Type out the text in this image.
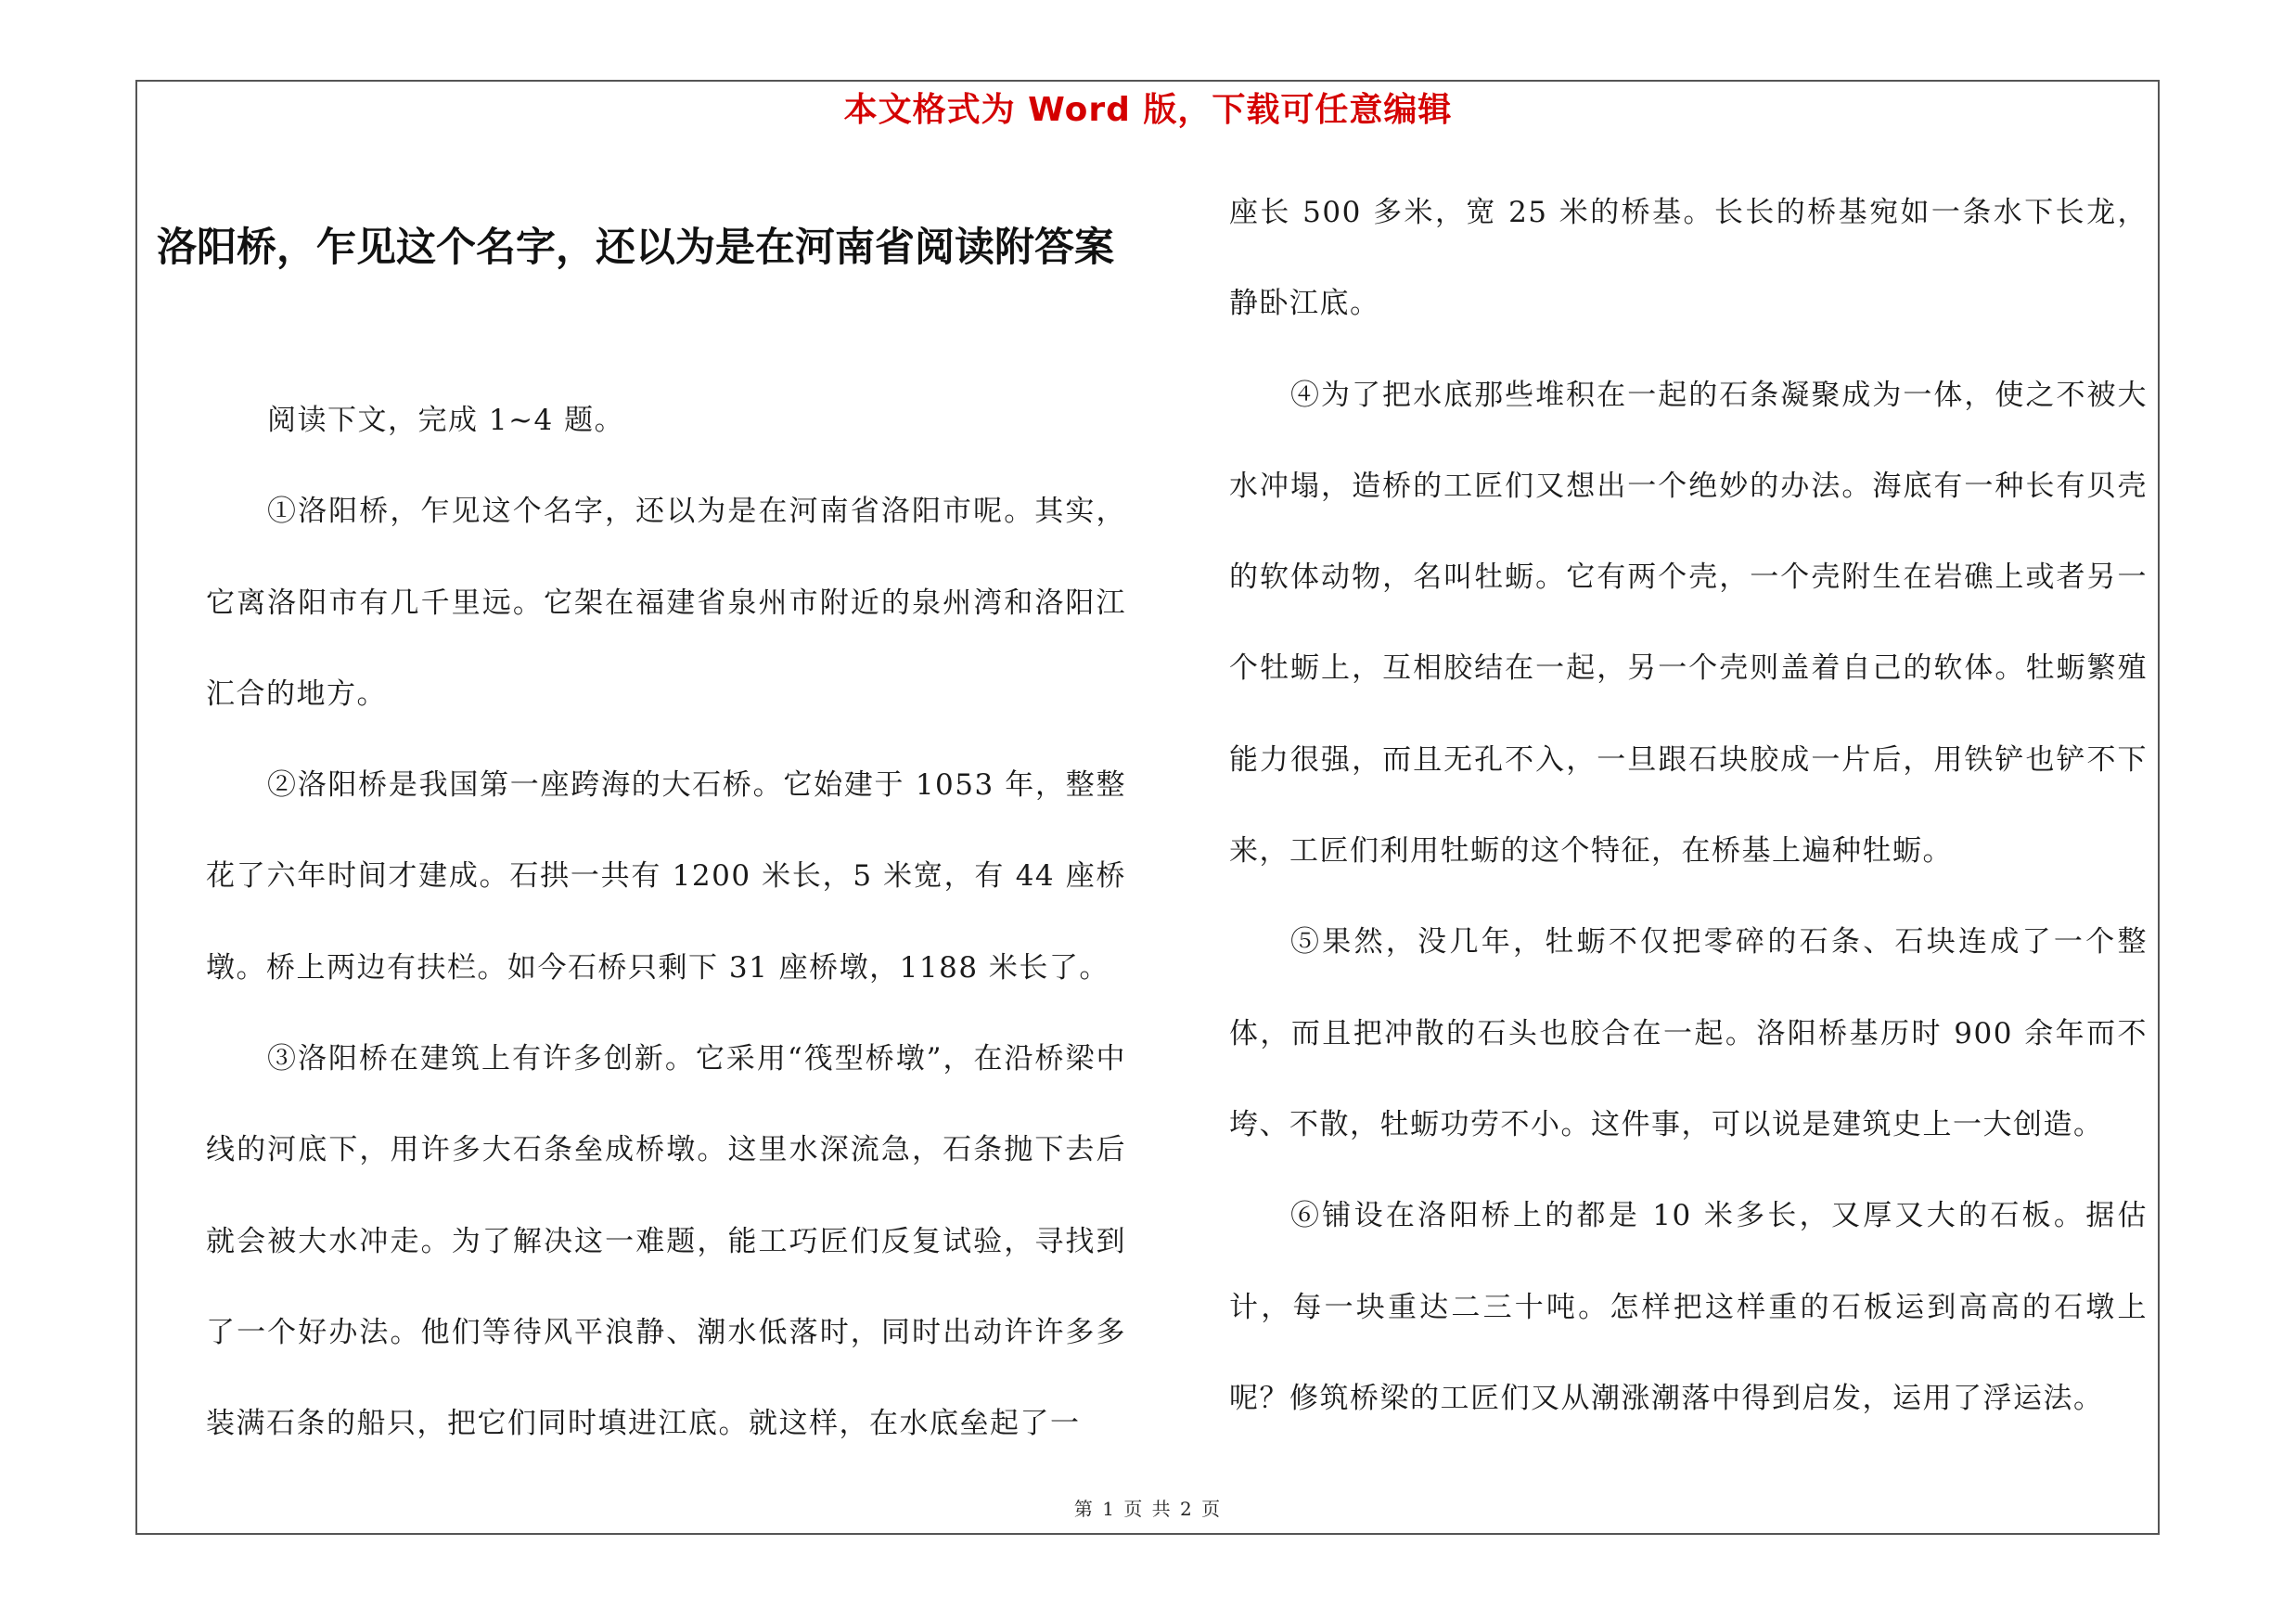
本文格式为 Word 版，下载可任意编辑
洛阳桥，乍见这个名字，还以为是在河南省阅读附答案

阅读下文，完成 1~4 题。

①洛阳桥，乍见这个名字，还以为是在河南省洛阳市呢。其实，它离洛阳市有几千里远。它架在福建省泉州市附近的泉州湾和洛阳江汇合的地方。

②洛阳桥是我国第一座跨海的大石桥。它始建于 1053 年，整整花了六年时间才建成。石拱一共有 1200 米长，5 米宽，有 44 座桥墩。桥上两边有扶栏。如今石桥只剩下 31 座桥墩，1188 米长了。

③洛阳桥在建筑上有许多创新。它采用“筏型桥墩”，在沿桥梁中线的河底下，用许多大石条垒成桥墩。这里水深流急，石条抛下去后就会被大水冲走。为了解决这一难题，能工巧匠们反复试验，寻找到了一个好办法。他们等待风平浪静、潮水低落时，同时出动许许多多装满石条的船只，把它们同时填进江底。就这样，在水底垒起了一

座长 500 多米，宽 25 米的桥基。长长的桥基宛如一条水下长龙，静卧江底。

④为了把水底那些堆积在一起的石条凝聚成为一体，使之不被大水冲塌，造桥的工匠们又想出一个绝妙的办法。海底有一种长有贝壳的软体动物，名叫牡蛎。它有两个壳，一个壳附生在岩礁上或者另一个牡蛎上，互相胶结在一起，另一个壳则盖着自己的软体。牡蛎繁殖能力很强，而且无孔不入，一旦跟石块胶成一片后，用铁铲也铲不下来，工匠们利用牡蛎的这个特征，在桥基上遍种牡蛎。

⑤果然，没几年，牡蛎不仅把零碎的石条、石块连成了一个整体，而且把冲散的石头也胶合在一起。洛阳桥基历时 900 余年而不垮、不散，牡蛎功劳不小。这件事，可以说是建筑史上一大创造。

⑥铺设在洛阳桥上的都是 10 米多长，又厚又大的石板。据估计，每一块重达二三十吨。怎样把这样重的石板运到高高的石墩上呢？修筑桥梁的工匠们又从潮涨潮落中得到启发，运用了浮运法。

第 1 页 共 2 页
